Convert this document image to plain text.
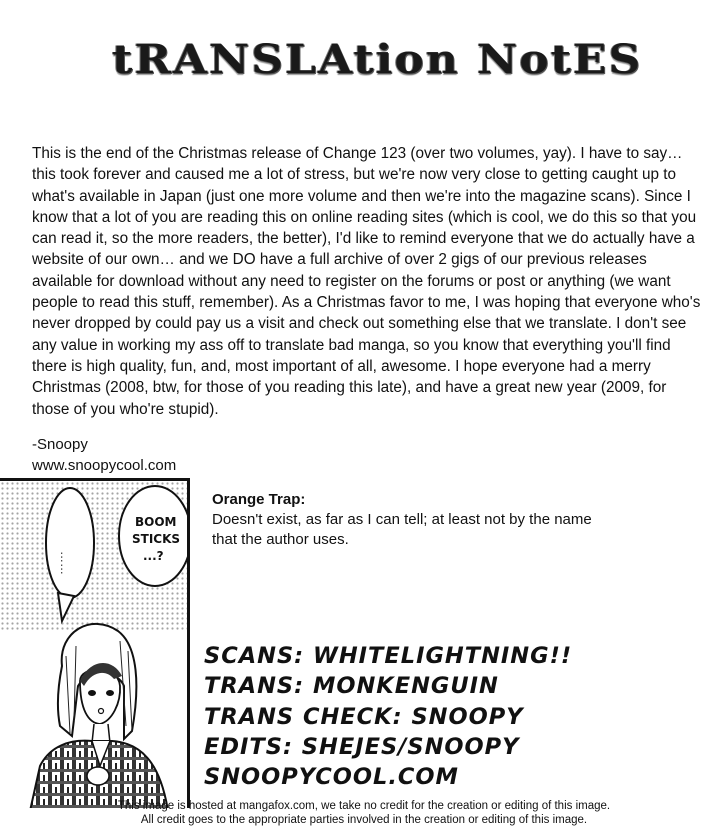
tRANSLAtion NotES
This is the end of the Christmas release of Change 123 (over two volumes, yay). I have to say… this took forever and caused me a lot of stress, but we're now very close to getting caught up to what's available in Japan (just one more volume and then we're into the magazine scans). Since I know that a lot of you are reading this on online reading sites (which is cool, we do this so that you can read it, so the more readers, the better), I'd like to remind everyone that we do actually have a website of our own… and we DO have a full archive of over 2 gigs of our previous releases available for download without any need to register on the forums or post or anything (we want people to read this stuff, remember). As a Christmas favor to me, I was hoping that everyone who's never dropped by could pay us a visit and check out something else that we translate. I don't see any value in working my ass off to translate bad manga, so you know that everything you'll find there is high quality, fun, and, most important of all, awesome. I hope everyone had a merry Christmas (2008, btw, for those of you reading this late), and have a great new year (2009, for those of you who're stupid).
-Snoopy
www.snoopycool.com
……
BOOM
STICKS
...?
Orange Trap:
Doesn't exist, as far as I can tell; at least not by the name that the author uses.
SCANS: WHITELIGHTNING!!
TRANS: MONKENGUIN
TRANS CHECK: SNOOPY
EDITS: SHEJES/SNOOPY
SNOOPYCOOL.COM
This image is hosted at mangafox.com, we take no credit for the creation or editing of this image.
All credit goes to the appropriate parties involved in the creation or editing of this image.
